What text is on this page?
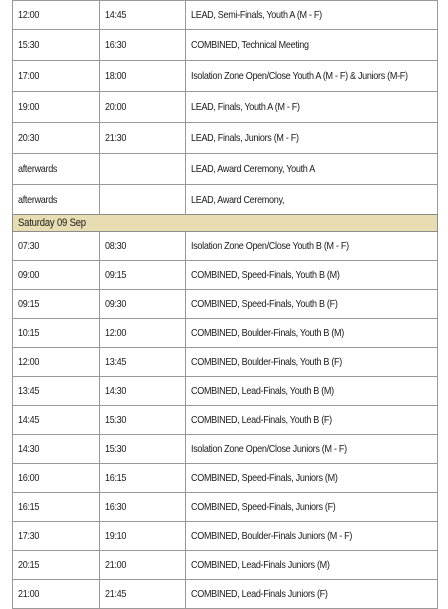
12:00	14:45	LEAD, Semi-Finals, Youth A (M - F)
15:30	16:30	COMBINED, Technical Meeting
17:00	18:00	Isolation Zone Open/Close Youth A (M - F) & Juniors (M-F)
19:00	20:00	LEAD, Finals, Youth A (M - F)
20:30	21:30	LEAD, Finals, Juniors (M - F)
afterwards		LEAD, Award Ceremony, Youth A
afterwards		LEAD, Award Ceremony,
Saturday 09 Sep		
07:30	08:30	Isolation Zone Open/Close Youth B (M - F)
09:00	09:15	COMBINED, Speed-Finals, Youth B (M)
09:15	09:30	COMBINED, Speed-Finals, Youth B (F)
10:15	12:00	COMBINED, Boulder-Finals, Youth B (M)
12:00	13:45	COMBINED, Boulder-Finals, Youth B (F)
13:45	14:30	COMBINED, Lead-Finals, Youth B (M)
14:45	15:30	COMBINED, Lead-Finals, Youth B (F)
14:30	15:30	Isolation Zone Open/Close Juniors (M - F)
16:00	16:15	COMBINED, Speed-Finals, Juniors (M)
16:15	16:30	COMBINED, Speed-Finals, Juniors (F)
17:30	19:10	COMBINED, Boulder-Finals Juniors (M - F)
20:15	21:00	COMBINED, Lead-Finals Juniors (M)
21:00	21:45	COMBINED, Lead-Finals Juniors (F)
